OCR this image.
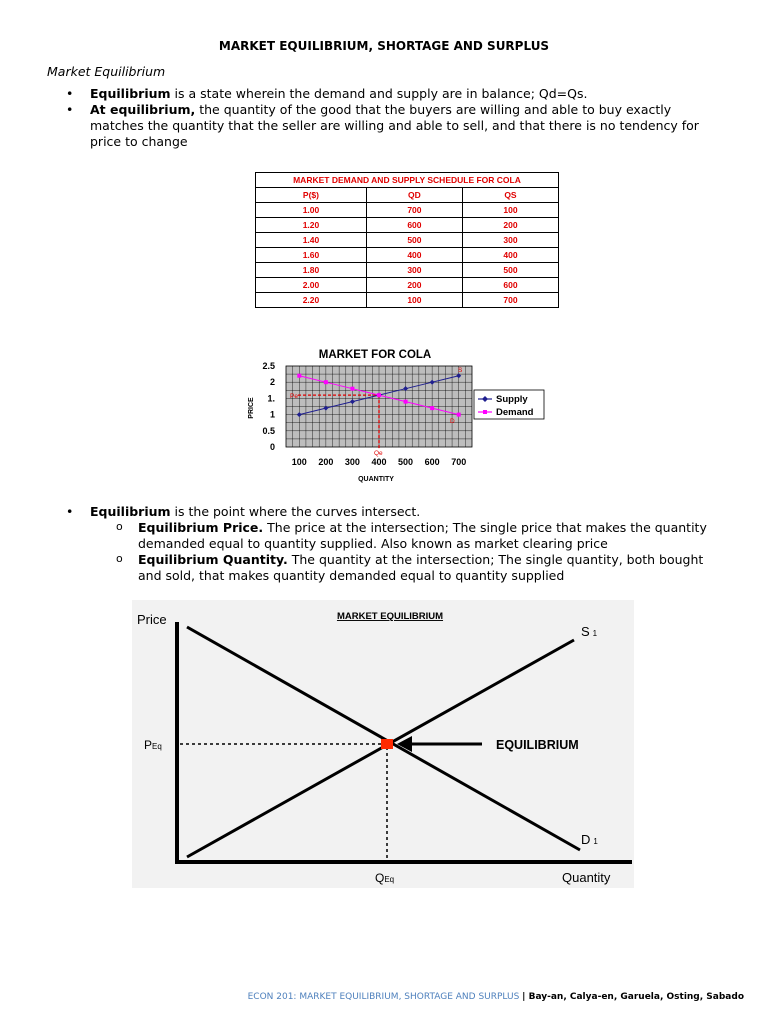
MARKET EQUILIBRIUM, SHORTAGE AND SURPLUS
Market Equilibrium
• Equilibrium is a state wherein the demand and supply are in balance; Qd=Qs.
• At equilibrium, the quantity of the good that the buyers are willing and able to buy exactly matches the quantity that the seller are willing and able to sell, and that there is no tendency for price to change
MARKET DEMAND AND SUPPLY SCHEDULE FOR COLA		
P($)	QD	QS
1.00	700	100
1.20	600	200
1.40	500	300
1.60	400	400
1.80	300	500
2.00	200	600
2.20	100	700
MARKET FOR COLA
0
0.5
1
1.
2
2.5
100 200 300 400 500 600 700
PRICE
QUANTITY
S
D
Pe
Qe
Supply
Demand
• Equilibrium is the point where the curves intersect.
o Equilibrium Price. The price at the intersection; The single price that makes the quantity demanded equal to quantity supplied. Also known as market clearing price
o Equilibrium Quantity. The quantity at the intersection; The single quantity, both bought and sold, that makes quantity demanded equal to quantity supplied
MARKET EQUILIBRIUM
Price
Quantity
EQUILIBRIUM
S 1
D 1
PEq
QEq
ECON 201: MARKET EQUILIBRIUM, SHORTAGE AND SURPLUS | Bay-an, Calya-en, Garuela, Osting, Sabado
